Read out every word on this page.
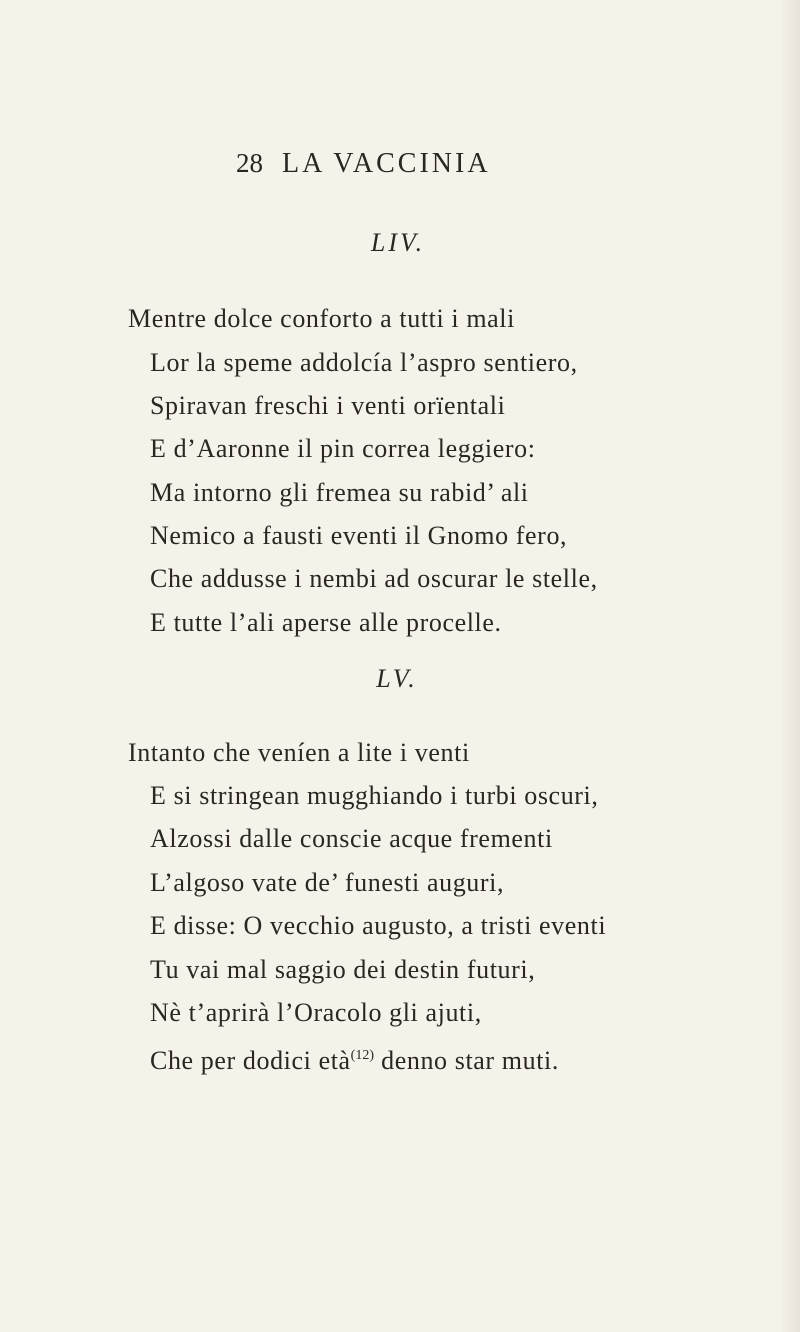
28 LA VACCINIA
LIV.
Mentre dolce conforto a tutti i mali
Lor la speme addolcía l’aspro sentiero,
Spiravan freschi i venti orïentali
E d’Aaronne il pin correa leggiero:
Ma intorno gli fremea su rabid’ ali
Nemico a fausti eventi il Gnomo fero,
Che addusse i nembi ad oscurar le stelle,
E tutte l’ali aperse alle procelle.
LV.
Intanto che veníen a lite i venti
E si stringean mugghiando i turbi oscuri,
Alzossi dalle conscie acque frementi
L’algoso vate de’ funesti auguri,
E disse: O vecchio augusto, a tristi eventi
Tu vai mal saggio dei destin futuri,
Nè t’aprirà l’Oracolo gli ajuti,
Che per dodici età$^{(12)}$ denno star muti.
